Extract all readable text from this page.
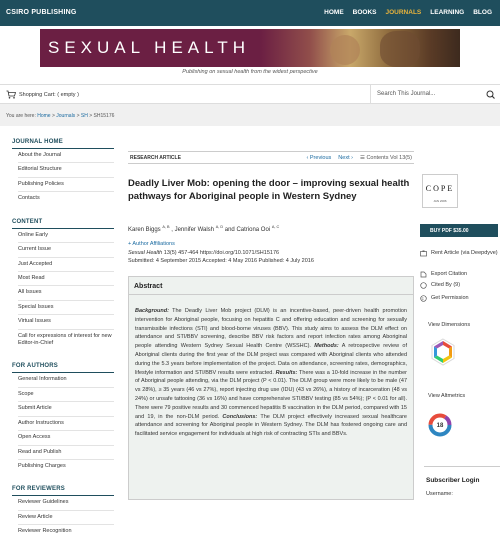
CSIRO PUBLISHING	HOME BOOKS JOURNALS LEARNING BLOG
SEXUAL HEALTH
Publishing on sexual health from the widest perspective
Shopping Cart: ( empty )	Search This Journal...
You are here: Home > Journals > SH > SH15176
JOURNAL HOME
About the Journal
Editorial Structure
Publishing Policies
Contacts
CONTENT
Online Early
Current Issue
Just Accepted
Most Read
All Issues
Special Issues
Virtual Issues
Call for expressions of interest for new Editor-in-Chief
FOR AUTHORS
General Information
Scope
Submit Article
Author Instructions
Open Access
Read and Publish
Publishing Charges
FOR REVIEWERS
Reviewer Guidelines
Review Article
Reviewer Recognition
RESEARCH ARTICLE	‹ Previous Next › ☰ Contents Vol 13(5)
Deadly Liver Mob: opening the door – improving sexual health pathways for Aboriginal people in Western Sydney
Karen Biggs $^{A, B}$ , Jennifer Walsh $^{A, D}$ and Catriona Ooi $^{A, C}$
+ Author Affiliations
Sexual Health 13(5) 457-464 https://doi.org/10.1071/SH15176
Submitted: 4 September 2015 Accepted: 4 May 2016 Published: 4 July 2016
Abstract
Background: The Deadly Liver Mob project (DLM) is an incentive-based, peer-driven health promotion intervention for Aboriginal people, focusing on hepatitis C and offering education and screening for sexually transmissible infections (STI) and blood-borne viruses (BBV). This study aims to assess the DLM effect on attendance and STI/BBV screening, describe BBV risk factors and report infection rates among Aboriginal people attending Western Sydney Sexual Health Centre (WSSHC). Methods: A retrospective review of Aboriginal clients during the first year of the DLM project was compared with Aboriginal clients who attended during the 5.3 years before implementation of the project. Data on attendance, screening rates, demographics, lifestyle information and STI/BBV results were extracted. Results: There was a 10-fold increase in the number of Aboriginal people attending, via the DLM project (P < 0.01). The DLM group were more likely to be male (47 vs 28%), ≥ 35 years (46 vs 27%), report injecting drug use (IDU) (43 vs 26%), a history of incarceration (48 vs 24%) or unsafe tattooing (36 vs 16%) and have comprehensive STI/BBV testing (85 vs 54%); (P < 0.01 for all). There were 79 positive results and 30 commenced hepatitis B vaccination in the DLM period, compared with 15 and 19, in the non-DLM period. Conclusions: The DLM project effectively increased sexual healthcare attendance and screening for Aboriginal people in Western Sydney. The DLM has fostered ongoing care and facilitated service engagement for individuals at high risk of contracting STIs and BBVs.
COPE
JAN 2006
BUY PDF $35.00
Rent Article (via Deepdyve)
Export Citation
Cited By (9)
c Get Permission
View Dimensions
View Altmetrics
18
Subscriber Login
Username:
